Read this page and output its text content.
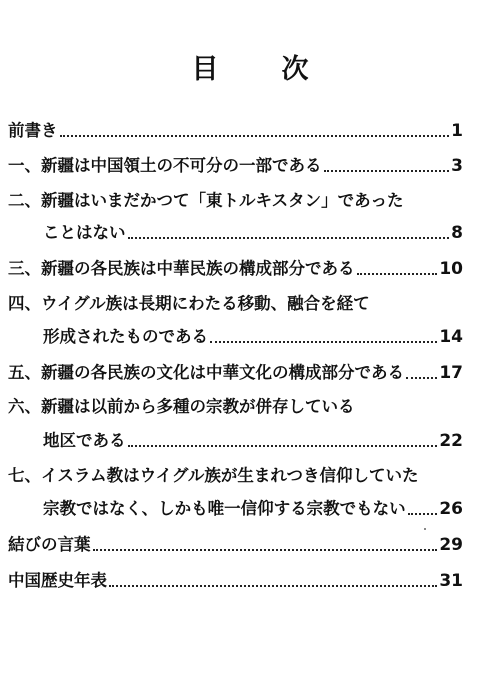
目　次
前書き	1
一、新疆は中国領土の不可分の一部である	3
二、新疆はいまだかつて「東トルキスタン」であった
ことはない	8
三、新疆の各民族は中華民族の構成部分である	10
四、ウイグル族は長期にわたる移動、融合を経て
形成されたものである	14
五、新疆の各民族の文化は中華文化の構成部分である 17
六、新疆は以前から多種の宗教が併存している
地区である	22
七、イスラム教はウイグル族が生まれつき信仰していた
宗教ではなく、しかも唯一信仰する宗教でもない 26
結びの言葉	29
中国歴史年表	31
